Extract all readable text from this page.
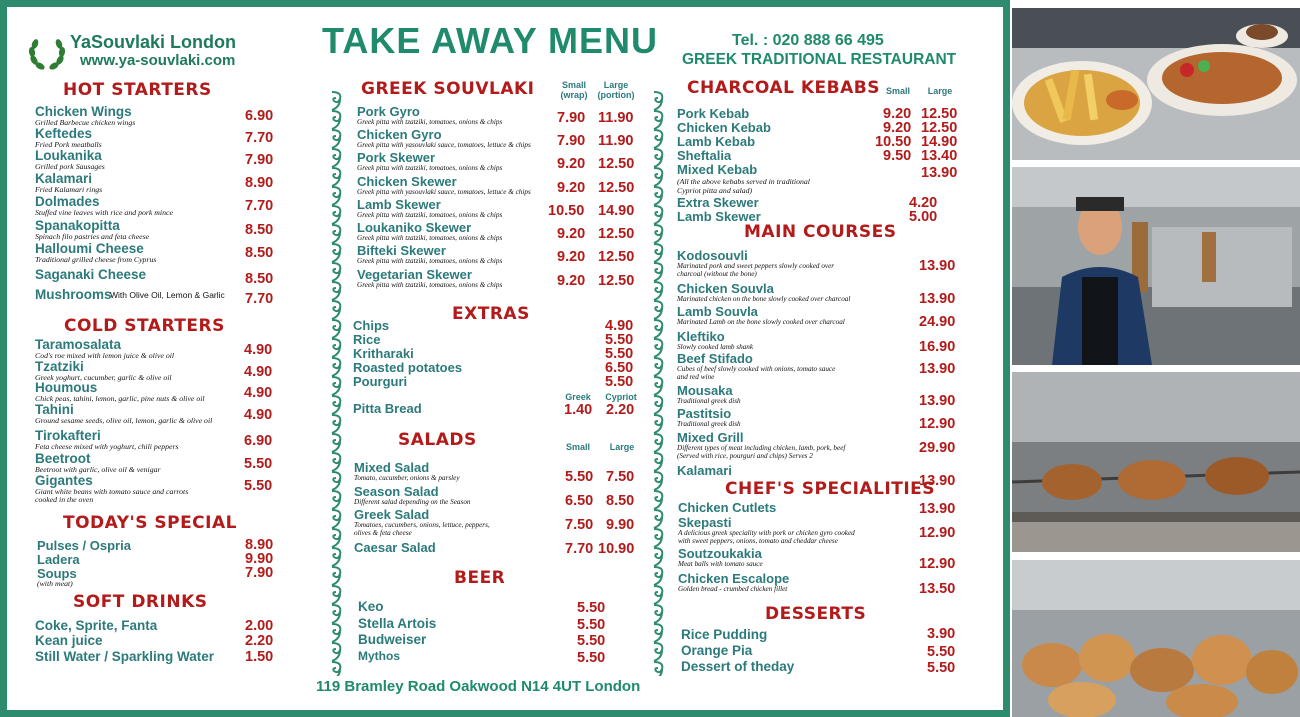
YaSouvlaki London
www.ya-souvlaki.com TAKE AWAY MENU	Tel. : 020 888 66 495
GREEK TRADITIONAL RESTAURANT
HOT STARTERS
Chicken Wings
Grilled Barbecue chicken wings	6.90
Keftedes
Fried Pork meatballs	7.70
Loukanika
Grilled pork Sausages	7.90
Kalamari
Fried Kalamari rings	8.90
Dolmades
Stuffed vine leaves with rice and pork mince	7.70
Spanakopitta
Spinach filo pastries and feta cheese	8.50
Halloumi Cheese
Traditional grilled cheese from Cyprus	8.50
Saganaki Cheese	8.50
Mushrooms
With Olive Oil, Lemon & Garlic 7.70
COLD STARTERS
Taramosalata
Cod's roe mixed with lemon juice & olive oil	4.90
Tzatziki
Greek yoghurt, cucumber, garlic & olive oil	4.90
Houmous
Chick peas, tahini, lemon, garlic, pine nuts & olive oil	4.90
Tahini
Ground sesame seeds, olive oil, lemon, garlic & olive oil 4.90
Tirokafteri
Feta cheese mixed with yoghurt, chili peppers	6.90
Beetroot
Beetroot with garlic, olive oil & venigar	5.50
Gigantes
Giant white beans with tomato sauce and carrots
cooked in the oven
5.50
TODAY'S SPECIAL
Pulses / Ospria	8.90
Ladera	9.90
Soups
(with meat)
7.90
SOFT DRINKS
Coke, Sprite, Fanta	2.00
Kean juice	2.20
Still Water / Sparkling Water 1.50
GREEK SOUVLAKI	Small
(wrap)
Large
(portion)
Pork Gyro
Greek pitta with tzatziki, tomatoes, onions & chips	7.90 11.90
Chicken Gyro
Greek pitta with yasouvlaki sauce, tomatoes, lettuce & chips 7.90 11.90
Pork Skewer
Greek pitta with tzatziki, tomatoes, onions & chips	9.20 12.50
Chicken Skewer
Greek pitta with yasouvlaki sauce, tomatoes, lettuce & chips 9.20 12.50
Lamb Skewer
Greek pitta with tzatziki, tomatoes, onions & chips	10.50 14.90
Loukaniko Skewer
Greek pitta with tzatziki, tomatoes, onions & chips	9.20 12.50
Bifteki Skewer
Greek pitta with tzatziki, tomatoes, onions & chips	9.20 12.50
Vegetarian Skewer
Greek pitta with tzatziki, tomatoes, onions & chips	9.20 12.50
EXTRAS
Chips	4.90
Rice	5.50
Kritharaki	5.50
Roasted potatoes	6.50
Pourguri	5.50
Greek	Cypriot
Pitta Bread	1.40 2.20
SALADS	Small	Large
Mixed Salad
Tomato, cucumber, onions & parsley	5.50 7.50
Season Salad
Different salad depending on the Season	6.50 8.50
Greek Salad
Tomatoes, cucumbers, onions, lettuce, peppers,
olives & feta cheese	7.50 9.90
Caesar Salad	7.70 10.90
BEER
Keo	5.50
Stella Artois	5.50
Budweiser	5.50
Mythos	5.50
119 Bramley Road Oakwood N14 4UT London
CHARCOAL KEBABS Small	Large
Pork Kebab	9.20 12.50
Chicken Kebab	9.20 12.50
Lamb Kebab	10.50 14.90
Sheftalia	9.50 13.40
Mixed Kebab	13.90
(All the above kebabs served in traditional
Cypriot pitta and salad)
Extra Skewer	4.20
Lamb Skewer	5.00
MAIN COURSES
Kodosouvli
Marinated pork and sweet peppers slowly cooked over
charcoal (without the bone)	13.90
Chicken Souvla
Marinated chicken on the bone slowly cooked over charcoal	13.90
Lamb Souvla
Marinated Lamb on the bone slowly cooked over charcoal	24.90
Kleftiko
Slowly cooked lamb shank	16.90
Beef Stifado
Cubes of beef slowly cooked with onions, tomato sauce
and red wine	13.90
Mousaka
Traditional greek dish	13.90
Pastitsio
Traditional greek dish	12.90
Mixed Grill
Different types of meat including chicken, lamb, pork, beef
(Served with rice, pourguri and chips) Serves 2	29.90
Kalamari
13.90
CHEF'S SPECIALITIES
Chicken Cutlets	13.90
Skepasti
A delicious greek speciality with pork or chicken gyro cooked
with sweet peppers, onions, tomato and cheddar cheese	12.90
Soutzoukakia
Meat balls with tomato sauce	12.90
Chicken Escalope
Golden bread - crumbed chicken fillet	13.50
DESSERTS
Rice Pudding	3.90
Orange Pia	5.50
Dessert of theday	5.50
